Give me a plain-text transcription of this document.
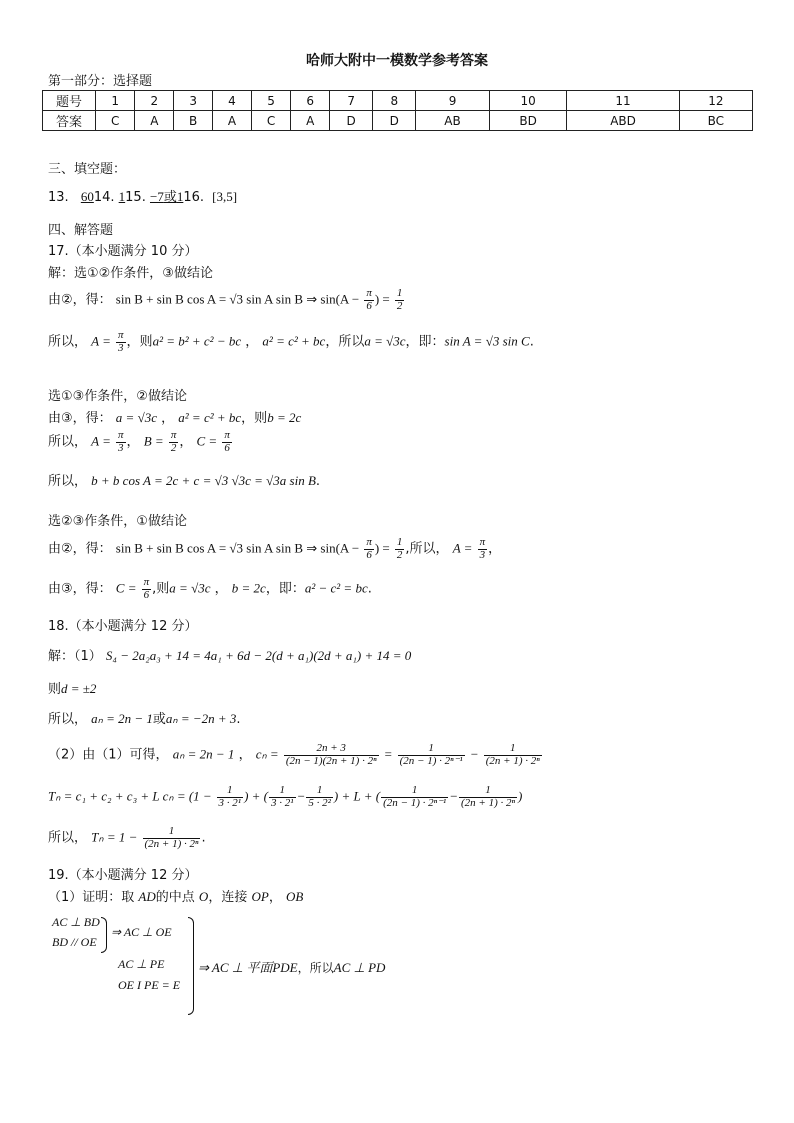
哈师大附中一模数学参考答案
第一部分：选择题
题号	1	2	3	4	5	6	7	8	9	10	11	12
答案	C	A	B	A	C	A	D	D	AB	BD	ABD	BC
三、填空题：
13. 6014. 115. −7或116. [3,5]
四、解答题
17.（本小题满分 10 分）
解：选①②作条件，③做结论
由②，得： sin B + sin B cos A = √3 sin A sin B ⇒ $\sin(A - \frac{\pi}{6}$ ) = $\frac{1}{2}$
所以， $A = \frac{\pi}{3}$ ，则a² = b² + c² − bc ， a² = c² + bc，所以a = √3c，即：sin A = √3 sin C.
选①③作条件，②做结论
由③，得： a = √3c ， a² = c² + bc，则b = 2c
所以， $A = \frac{\pi}{3}$ ， $B = \frac{\pi}{2}$ ， $C = \frac{\pi}{6}$
所以， b + b cos A = 2c + c = √3 √3c = √3a sin B.
选②③作条件，①做结论
由②，得： sin B + sin B cos A = √3 sin A sin B ⇒ $\sin(A - \frac{\pi}{6}$ ) = $\frac{1}{2}$ ,所以， $A = \frac{\pi}{3}$ ，
由③，得： $C = \frac{\pi}{6}$ ,则a = √3c ， b = 2c，即：a² − c² = bc.
18.（本小题满分 12 分）
解：（1） S₄ − 2a₂a₃ + 14 = 4a₁ + 6d − 2(d + a₁)(2d + a₁) + 14 = 0
则d = ±2
所以， aₙ = 2n − 1或aₙ = −2n + 3.
（2）由（1）可得， aₙ = 2n − 1 ， $c_n = \frac{2n + 3}{\text{(2n − 1)(2n + 1) · 2ⁿ}} = \frac{1}{\text{(2n − 1) · 2ⁿ⁻¹}} - \frac{1}{\text{(2n + 1) · 2ⁿ}}$
Tₙ = c₁ + c₂ + c₃ + L $c_n = (1 - \frac{1}{\text{3 · 2¹}}$ ) + ( $\frac{1}{\text{3 · 2¹}} - \frac{1}{\text{5 · 2²}}$ ) + L + ( $\frac{1}{\text{(2n − 1) · 2ⁿ⁻¹}} - \frac{1}{\text{(2n + 1) · 2ⁿ}}$ )
所以， $T_n = 1 - \frac{1}{\text{(2n + 1) · 2ⁿ}}$ .
19.（本小题满分 12 分）
（1）证明：取 AD的中点 O，连接 OP， OB
AC ⊥ BD
BD // OE
⇒ AC ⊥ OE
AC ⊥ PE
OE I PE = E
⇒ AC ⊥ 平面PDE，所以AC ⊥ PD
